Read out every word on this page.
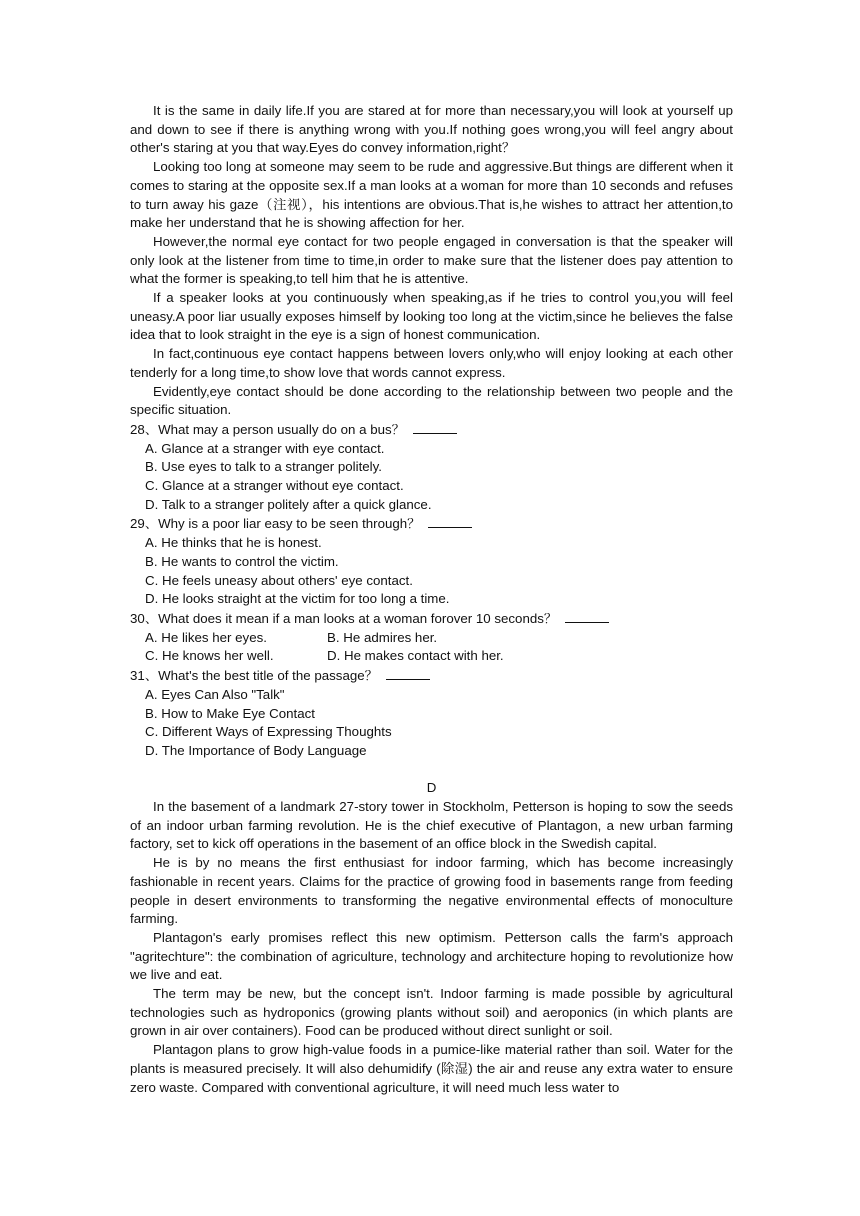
It is the same in daily life.If you are stared at for more than necessary,you will look at yourself up and down to see if there is anything wrong with you.If nothing goes wrong,you will feel angry about other's staring at you that way.Eyes do convey information,right？

Looking too long at someone may seem to be rude and aggressive.But things are different when it comes to staring at the opposite sex.If a man looks at a woman for more than 10 seconds and refuses to turn away his gaze（注视），his intentions are obvious.That is,he wishes to attract her attention,to make her understand that he is showing affection for her.

However,the normal eye contact for two people engaged in conversation is that the speaker will only look at the listener from time to time,in order to make sure that the listener does pay attention to what the former is speaking,to tell him that he is attentive.

If a speaker looks at you continuously when speaking,as if he tries to control you,you will feel uneasy.A poor liar usually exposes himself by looking too long at the victim,since he believes the false idea that to look straight in the eye is a sign of honest communication.

In fact,continuous eye contact happens between lovers only,who will enjoy looking at each other tenderly for a long time,to show love that words cannot express.

Evidently,eye contact should be done according to the relationship between two people and the specific situation.

28、What may a person usually do on a bus？

A. Glance at a stranger with eye contact.

B. Use eyes to talk to a stranger politely.

C. Glance at a stranger without eye contact.

D. Talk to a stranger politely after a quick glance.

29、Why is a poor liar easy to be seen through？

A. He thinks that he is honest.

B. He wants to control the victim.

C. He feels uneasy about others' eye contact.

D. He looks straight at the victim for too long a time.

30、What does it mean if a man looks at a woman forover 10 seconds？

A. He likes her eyes.	B. He admires her.
C. He knows her well.	D. He makes contact with her.

31、What's the best title of the passage？

A. Eyes Can Also "Talk"

B. How to Make Eye Contact

C. Different Ways of Expressing Thoughts

D. The Importance of Body Language

D

In the basement of a landmark 27-story tower in Stockholm, Petterson is hoping to sow the seeds of an indoor urban farming revolution. He is the chief executive of Plantagon, a new urban farming factory, set to kick off operations in the basement of an office block in the Swedish capital.

He is by no means the first enthusiast for indoor farming, which has become increasingly fashionable in recent years. Claims for the practice of growing food in basements range from feeding people in desert environments to transforming the negative environmental effects of monoculture farming.

Plantagon's early promises reflect this new optimism. Petterson calls the farm's approach "agritechture": the combination of agriculture, technology and architecture hoping to revolutionize how we live and eat.

The term may be new, but the concept isn't. Indoor farming is made possible by agricultural technologies such as hydroponics (growing plants without soil) and aeroponics (in which plants are grown in air over containers). Food can be produced without direct sunlight or soil.

Plantagon plans to grow high-value foods in a pumice-like material rather than soil. Water for the plants is measured precisely. It will also dehumidify (除湿) the air and reuse any extra water to ensure zero waste. Compared with conventional agriculture, it will need much less water to
